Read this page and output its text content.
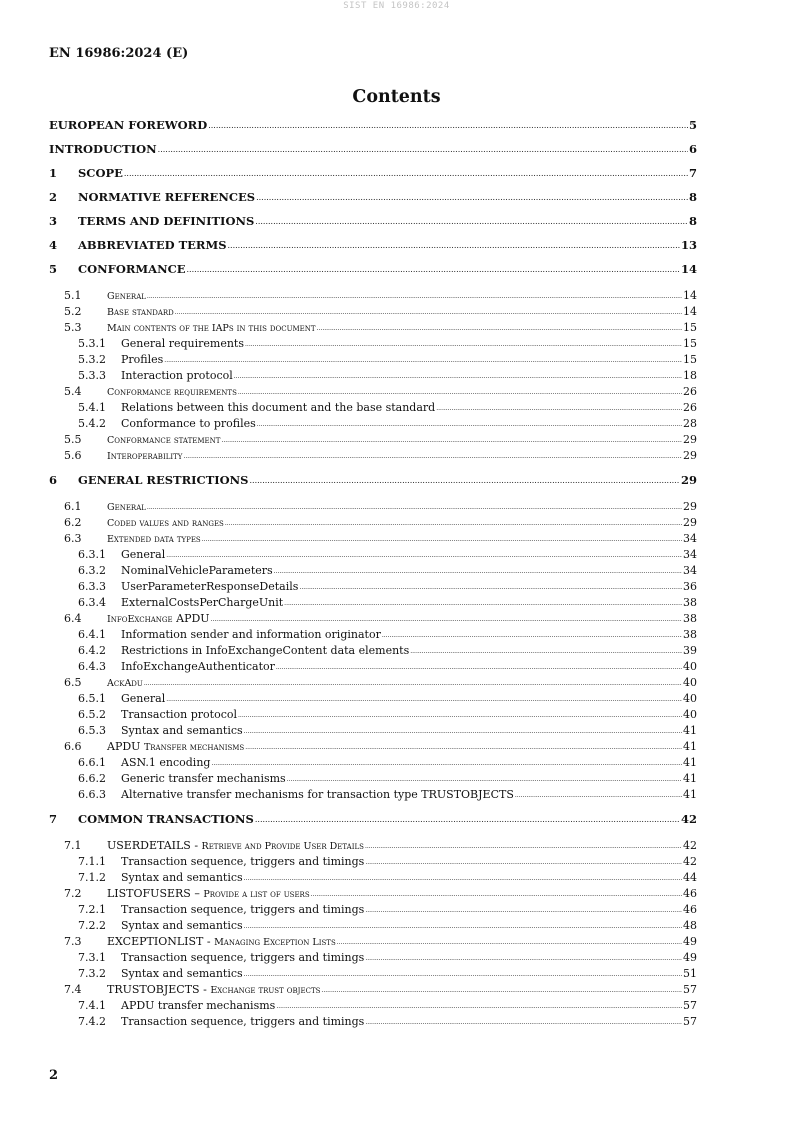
SIST EN 16986:2024
EN 16986:2024 (E)
Contents
EUROPEAN FOREWORD .....	5
INTRODUCTION .....	6
1	SCOPE .....	7
2	NORMATIVE REFERENCES .....	8
3	TERMS AND DEFINITIONS .....	8
4	ABBREVIATED TERMS .....	13
5	CONFORMANCE .....	14
5.1	General .....	14
5.2	Base standard .....	14
5.3	Main contents of the IAPs in this document .....	15
5.3.1	General requirements .....	15
5.3.2	Profiles .....	15
5.3.3	Interaction protocol .....	18
5.4	Conformance requirements .....	26
5.4.1	Relations between this document and the base standard .....	26
5.4.2	Conformance to profiles .....	28
5.5	Conformance statement .....	29
5.6	Interoperability .....	29
6	GENERAL RESTRICTIONS .....	29
6.1	General .....	29
6.2	Coded values and ranges .....	29
6.3	Extended data types .....	34
6.3.1	General .....	34
6.3.2	NominalVehicleParameters .....	34
6.3.3	UserParameterResponseDetails .....	36
6.3.4	ExternalCostsPerChargeUnit .....	38
6.4	InfoExchange APDU .....	38
6.4.1	Information sender and information originator .....	38
6.4.2	Restrictions in InfoExchangeContent data elements .....	39
6.4.3	InfoExchangeAuthenticator .....	40
6.5	AckAdu .....	40
6.5.1	General .....	40
6.5.2	Transaction protocol .....	40
6.5.3	Syntax and semantics .....	41
6.6	APDU Transfer mechanisms .....	41
6.6.1	ASN.1 encoding .....	41
6.6.2	Generic transfer mechanisms .....	41
6.6.3	Alternative transfer mechanisms for transaction type TRUSTOBJECTS .....	41
7	COMMON TRANSACTIONS .....	42
7.1	USERDETAILS - Retrieve and Provide User Details .....	42
7.1.1	Transaction sequence, triggers and timings .....	42
7.1.2	Syntax and semantics .....	44
7.2	LISTOFUSERS – Provide a list of users .....	46
7.2.1	Transaction sequence, triggers and timings .....	46
7.2.2	Syntax and semantics .....	48
7.3	EXCEPTIONLIST - Managing Exception Lists .....	49
7.3.1	Transaction sequence, triggers and timings .....	49
7.3.2	Syntax and semantics .....	51
7.4	TRUSTOBJECTS - Exchange trust objects .....	57
7.4.1	APDU transfer mechanisms .....	57
7.4.2	Transaction sequence, triggers and timings .....	57
2
